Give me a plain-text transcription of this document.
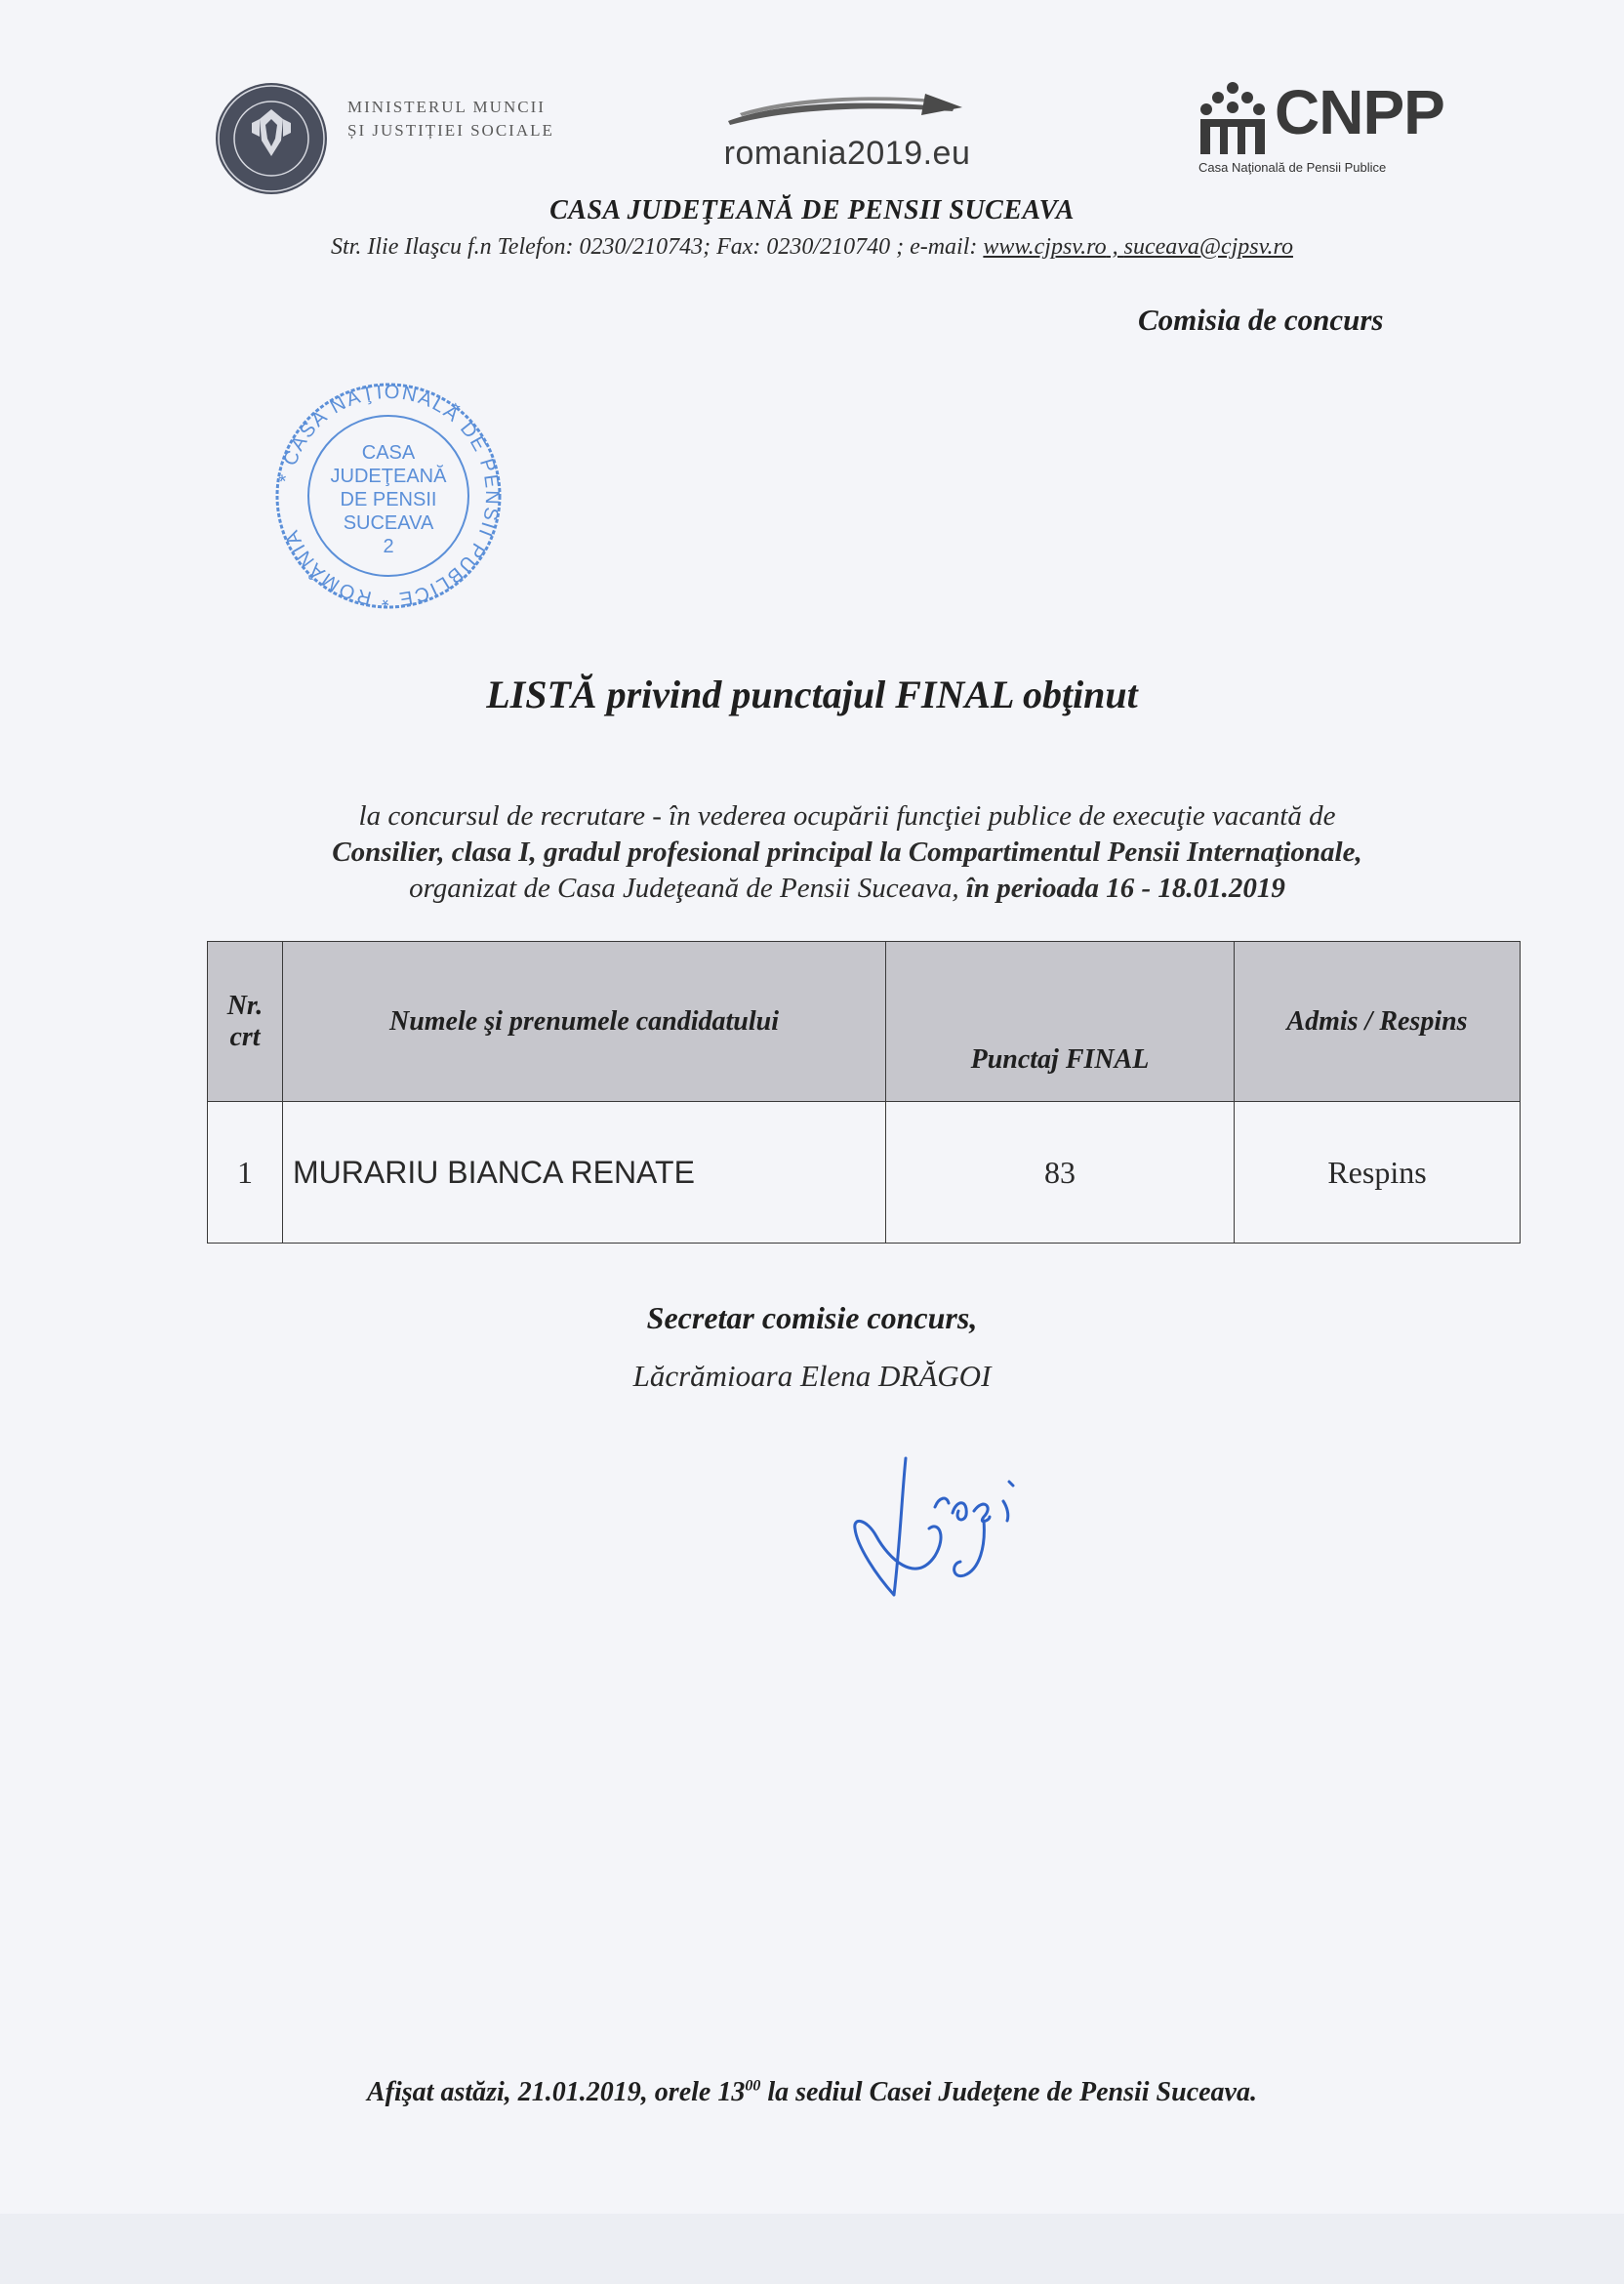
MINISTERUL MUNCII
ȘI JUSTIȚIEI SOCIALE
romania2019.eu
CNPP
Casa Naţională de Pensii Publice
CASA JUDEŢEANĂ DE PENSII SUCEAVA
Str. Ilie Ilaşcu f.n Telefon: 0230/210743; Fax: 0230/210740 ; e-mail: www.cjpsv.ro , suceava@cjpsv.ro
Comisia de concurs
* CASA NAŢIONALĂ DE PENSII PUBLICE * ROMÂNIA
CASA
JUDEŢEANĂ
DE PENSII
SUCEAVA
2
LISTĂ privind punctajul FINAL obţinut
la concursul de recrutare - în vederea ocupării funcţiei publice de execuţie vacantă de
Consilier, clasa I, gradul profesional principal la Compartimentul Pensii Internaţionale,
organizat de Casa Judeţeană de Pensii Suceava, în perioada 16 - 18.01.2019
Nr.
crt	Numele şi prenumele candidatului	Punctaj FINAL	Admis / Respins
1	MURARIU BIANCA RENATE	83	Respins
Secretar comisie concurs,
Lăcrămioara Elena DRĂGOI
Afişat astăzi, 21.01.2019, orele $13^{00}$ la sediul Casei Judeţene de Pensii Suceava.
